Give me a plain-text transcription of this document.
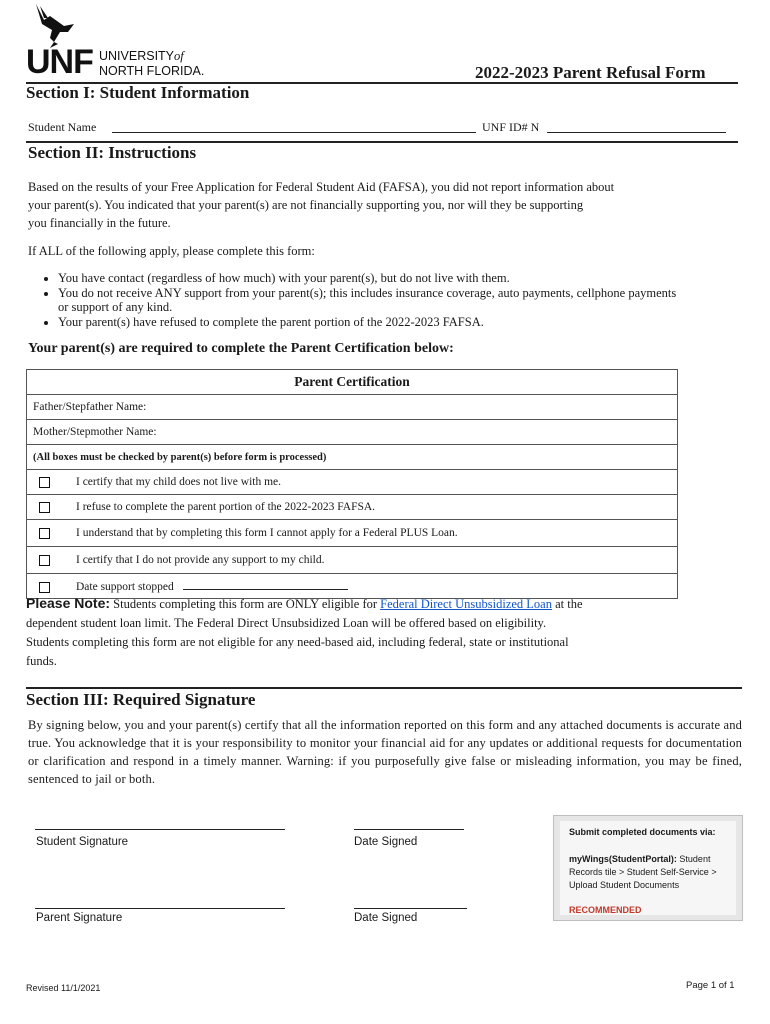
UNF UNIVERSITYof
NORTH FLORIDA.	2022-2023 Parent Refusal Form
Section I: Student Information
Student Name	UNF ID# N
Section II: Instructions
Based on the results of your Free Application for Federal Student Aid (FAFSA), you did not report information about
your parent(s). You indicated that your parent(s) are not financially supporting you, nor will they be supporting
you financially in the future.
If ALL of the following apply, please complete this form:
• You have contact (regardless of how much) with your parent(s), but do not live with them.
• You do not receive ANY support from your parent(s); this includes insurance coverage, auto payments, cellphone payments or support of any kind.
• Your parent(s) have refused to complete the parent portion of the 2022-2023 FAFSA.
Your parent(s) are required to complete the Parent Certification below:
Parent Certification
Father/Stepfather Name:
Mother/Stepmother Name:
(All boxes must be checked by parent(s) before form is processed)
I certify that my child does not live with me.
I refuse to complete the parent portion of the 2022-2023 FAFSA.
I understand that by completing this form I cannot apply for a Federal PLUS Loan.
I certify that I do not provide any support to my child.
Date support stopped
Please Note: Students completing this form are ONLY eligible for Federal Direct Unsubsidized Loan at the
dependent student loan limit. The Federal Direct Unsubsidized Loan will be offered based on eligibility.
Students completing this form are not eligible for any need-based aid, including federal, state or institutional
funds.
Section III: Required Signature
By signing below, you and your parent(s) certify that all the information reported on this form and any attached documents is accurate and true. You acknowledge that it is your responsibility to monitor your financial aid for any updates or additional requests for documentation or clarification and respond in a timely manner. Warning: if you purposefully give false or misleading information, you may be fined, sentenced to jail or both.
Student Signature	Date Signed
Parent Signature	Date Signed
Submit completed documents via:
myWings(StudentPortal): Student Records tile > Student Self-Service > Upload Student Documents
RECOMMENDED
Revised 11/1/2021	Page 1 of 1
